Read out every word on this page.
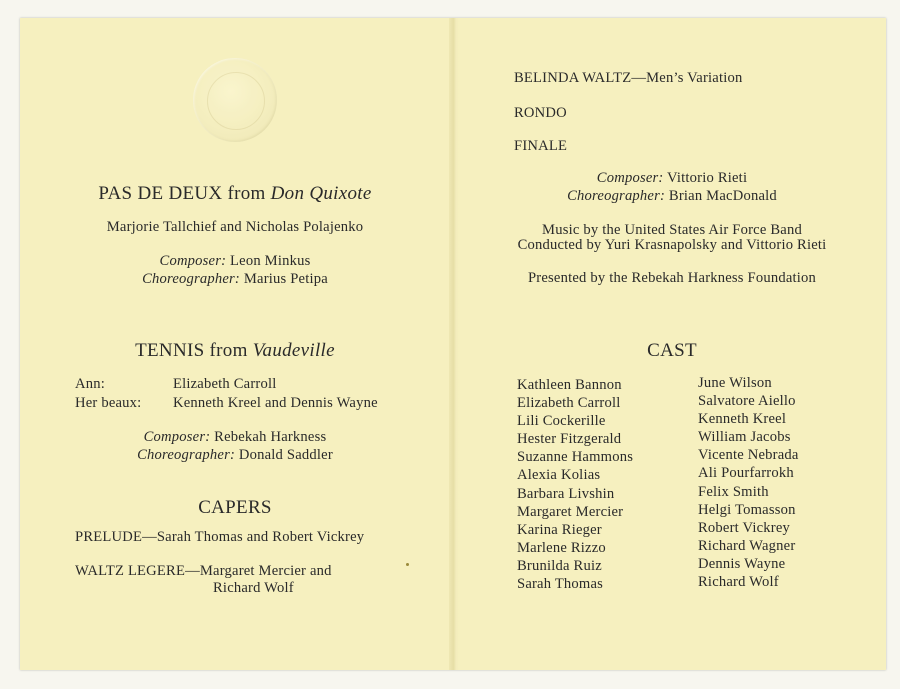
PAS DE DEUX from Don Quixote
Marjorie Tallchief and Nicholas Polajenko
Composer: Leon Minkus
Choreographer: Marius Petipa
TENNIS from Vaudeville
Ann:	Elizabeth Carroll
Her beaux: Kenneth Kreel and Dennis Wayne
Composer: Rebekah Harkness
Choreographer: Donald Saddler
CAPERS
PRELUDE—Sarah Thomas and Robert Vickrey
WALTZ LEGERE—Margaret Mercier and
Richard Wolf
BELINDA WALTZ—Men’s Variation
RONDO
FINALE
Composer: Vittorio Rieti
Choreographer: Brian MacDonald
Music by the United States Air Force Band
Conducted by Yuri Krasnapolsky and Vittorio Rieti
Presented by the Rebekah Harkness Foundation
CAST
Kathleen Bannon
Elizabeth Carroll
Lili Cockerille
Hester Fitzgerald
Suzanne Hammons
Alexia Kolias
Barbara Livshin
Margaret Mercier
Karina Rieger
Marlene Rizzo
Brunilda Ruiz
Sarah Thomas
June Wilson
Salvatore Aiello
Kenneth Kreel
William Jacobs
Vicente Nebrada
Ali Pourfarrokh
Felix Smith
Helgi Tomasson
Robert Vickrey
Richard Wagner
Dennis Wayne
Richard Wolf
